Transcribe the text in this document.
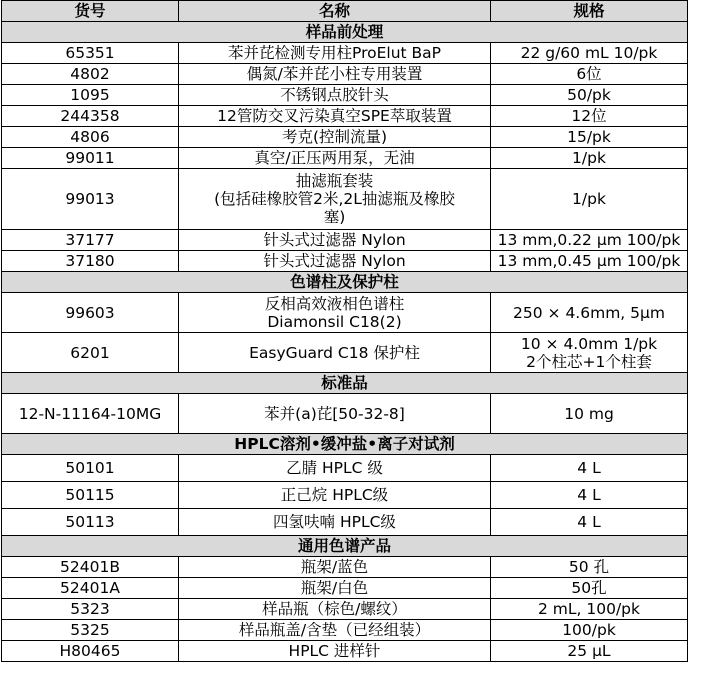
货号	名称	规格
样品前处理		
65351	苯并芘检测专用柱ProElut BaP	22 g/60 mL 10/pk

4802	偶氮/苯并芘小柱专用装置	6位

1095	不锈钢点胶针头	50/pk

244358	12管防交叉污染真空SPE萃取装置	12位

4806	考克(控制流量)	15/pk

99011	真空/正压两用泵，无油	1/pk

99013	抽滤瓶套装
(包括硅橡胶管2米,2L抽滤瓶及橡胶
塞)	1/pk

37177	针头式过滤器 Nylon	13 mm,0.22 µm 100/pk

37180	针头式过滤器 Nylon	13 mm,0.45 µm 100/pk

色谱柱及保护柱		
99603	反相高效液相色谱柱
Diamonsil C18(2)	250 × 4.6mm, 5µm

6201	EasyGuard C18 保护柱	10 × 4.0mm 1/pk
2个柱芯+1个柱套

标准品		
12-N-11164-10MG	苯并(a)芘[50-32-8]	10 mg

HPLC溶剂•缓冲盐•离子对试剂		
50101	乙腈 HPLC 级	4 L

50115	正己烷 HPLC级	4 L

50113	四氢呋喃 HPLC级	4 L

通用色谱产品		
52401B	瓶架/蓝色	50 孔

52401A	瓶架/白色	50孔

5323	样品瓶（棕色/螺纹）	2 mL, 100/pk

5325	样品瓶盖/含垫（已经组装）	100/pk

H80465	HPLC 进样针	25 µL
